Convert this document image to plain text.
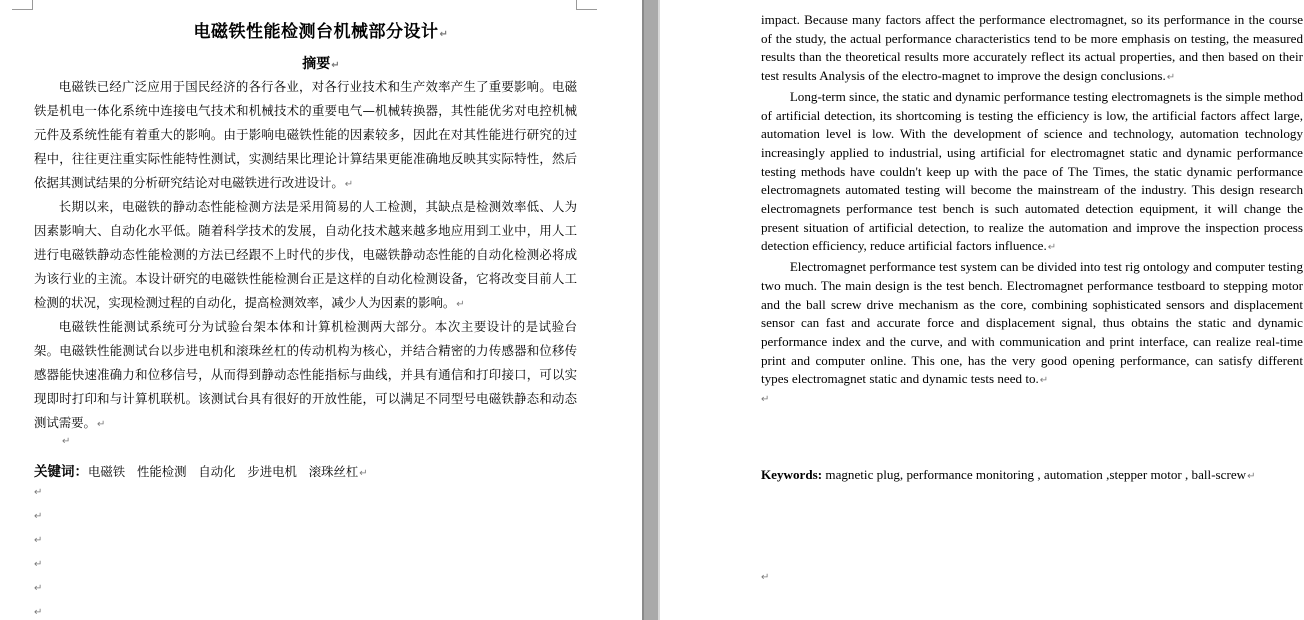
电磁铁性能检测台机械部分设计↵
摘要↵

电磁铁已经广泛应用于国民经济的各行各业，对各行业技术和生产效率产生了重要影响。电磁铁是机电一体化系统中连接电气技术和机械技术的重要电气—机械转换器，其性能优劣对电控机械元件及系统性能有着重大的影响。由于影响电磁铁性能的因素较多，因此在对其性能进行研究的过程中，往往更注重实际性能特性测试，实测结果比理论计算结果更能准确地反映其实际特性，然后依据其测试结果的分析研究结论对电磁铁进行改进设计。↵

长期以来，电磁铁的静动态性能检测方法是采用简易的人工检测，其缺点是检测效率低、人为因素影响大、自动化水平低。随着科学技术的发展，自动化技术越来越多地应用到工业中，用人工进行电磁铁静动态性能检测的方法已经跟不上时代的步伐，电磁铁静动态性能的自动化检测必将成为该行业的主流。本设计研究的电磁铁性能检测台正是这样的自动化检测设备，它将改变目前人工检测的状况，实现检测过程的自动化，提高检测效率，减少人为因素的影响。↵

电磁铁性能测试系统可分为试验台架本体和计算机检测两大部分。本次主要设计的是试验台架。电磁铁性能测试台以步进电机和滚珠丝杠的传动机构为核心，并结合精密的力传感器和位移传感器能快速准确力和位移信号，从而得到静动态性能指标与曲线，并具有通信和打印接口，可以实现即时打印和与计算机联机。该测试台具有很好的开放性能，可以满足不同型号电磁铁静态和动态测试需要。↵

↵
关键词：电磁铁   性能检测   自动化   步进电机   滚珠丝杠↵
↵
↵
↵
↵
↵
↵

impact. Because many factors affect the performance electromagnet, so its performance in the course of the study, the actual performance characteristics tend to be more emphasis on testing, the measured results than the theoretical results more accurately reflect its actual properties, and then based on their test results Analysis of the electro-magnet to improve the design conclusions.↵

Long-term since, the static and dynamic performance testing electromagnets is the simple method of artificial detection, its shortcoming is testing the efficiency is low, the artificial factors affect large, automation level is low. With the development of science and technology, automation technology increasingly applied to industrial, using artificial for electromagnet static and dynamic performance testing methods have couldn't keep up with the pace of The Times, the static dynamic performance electromagnets automated testing will become the mainstream of the industry. This design research electromagnets performance test bench is such automated detection equipment, it will change the present situation of artificial detection, to realize the automation and improve the inspection process detection efficiency, reduce artificial factors influence.↵

Electromagnet performance test system can be divided into test rig ontology and computer testing two much. The main design is the test bench. Electromagnet performance testboard to stepping motor and the ball screw drive mechanism as the core, combining sophisticated sensors and displacement sensor can fast and accurate force and displacement signal, thus obtains the static and dynamic performance index and the curve, and with communication and print interface, can realize real-time print and computer online. This one, has the very good opening performance, can satisfy different types electromagnet static and dynamic tests need to.↵

↵
Keywords: magnetic plug, performance monitoring , automation ,stepper motor , ball-screw↵
↵
